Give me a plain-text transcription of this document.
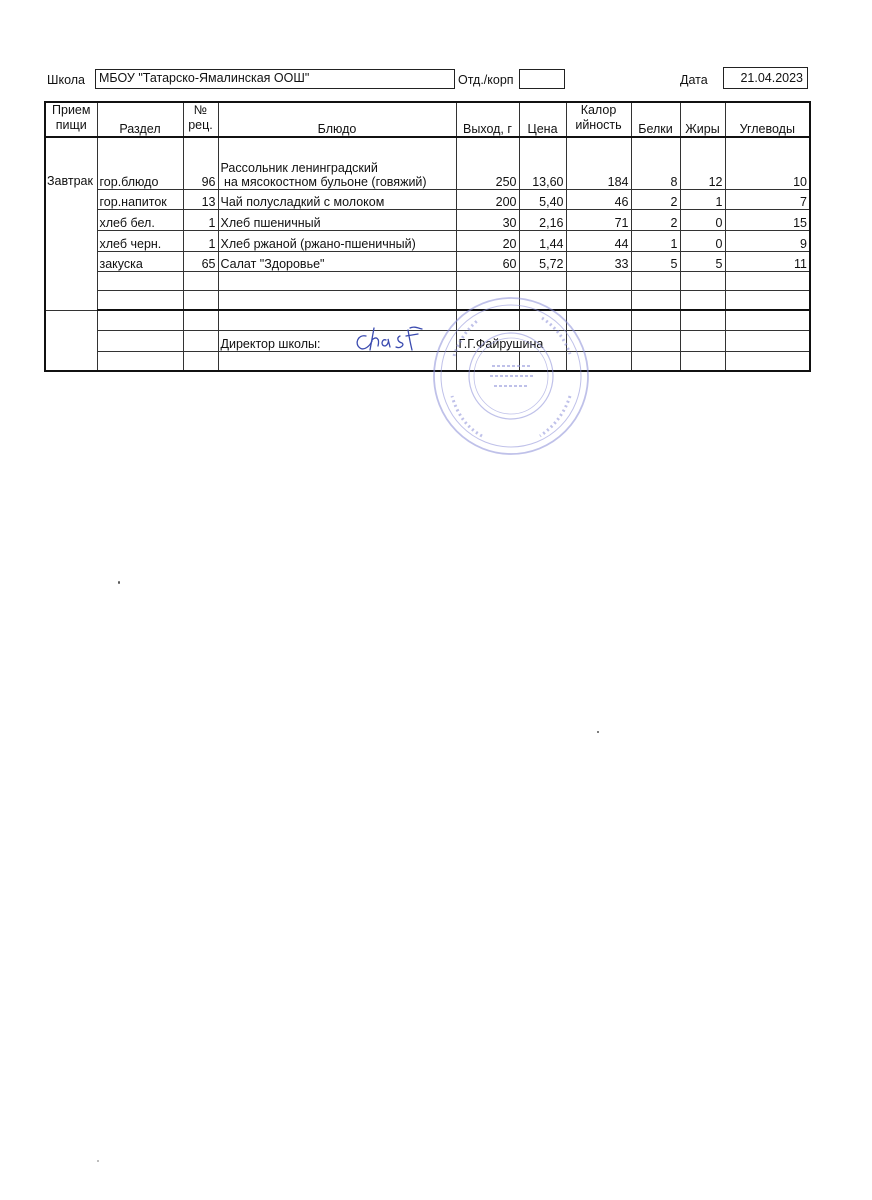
Школа	МБОУ "Татарско-Ямалинская ООШ"	Отд./корп	Дата	21.04.2023
Прием пищи	Раздел	№ рец.	Блюдо	Выход, г	Цена	Калор ийность	Белки	Жиры	Углеводы
Завтрак	гор.блюдо	96	Рассольник ленинградский
на мясокостном бульоне (говяжий)	250	13,60	184	8	12	10
	гор.напиток	13	Чай полусладкий с молоком	200	5,40	46	2	1	7
	хлеб бел.	1	Хлеб пшеничный	30	2,16	71	2	0	15
	хлеб черн.	1	Хлеб ржаной (ржано-пшеничный)	20	1,44	44	1	0	9
	закуска	65	Салат "Здоровье"	60	5,72	33	5	5	11

			Директор школы:	Г.Г.Файрушина					
